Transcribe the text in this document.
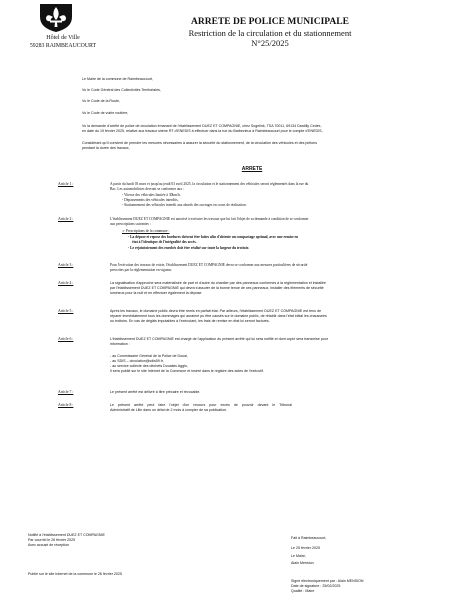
Hôtel de Ville
59283 RAIMBEAUCOURT
ARRETE DE POLICE MUNICIPALE
Restriction de la circulation et du stationnement
N°25/2025
Le Maire de la commune de Raimbeaucourt,
Vu le Code Général des Collectivités Territoriales,
Vu le Code de la Route,
Vu le Code de voirie routière,
Vu la demande d'arrêté de police de circulation émanant de l'établissement DUEZ ET COMPAGNIE, chez Sogelink, TSA 70011, 69134 Dardilly Cedex,
en date du 19 février 2025, relative aux travaux sirène RT d'ENEDIS à effectuer dans la rue du Barbezieux à Raimbeaucourt pour le compte d'ENEDIS,
Considérant qu'il convient de prendre les mesures nécessaires à assurer la sécurité du stationnement, de la circulation des véhicules et des piétons
pendant la durée des travaux,
ARRETE
Article 1 :	A partir du lundi 03 mars et jusqu'au jeudi 03 avril 2025, la circulation et le stationnement des véhicules seront réglementés dans la rue du
Bac. Les automobilistes devront se conformer aux :
- Vitesse des véhicules limitée à 30km/h,
- Dépassements des véhicules interdits,
- Stationnement des véhicules interdit aux abords des ouvrages en cours de réalisation.
Article 2 :	L'établissement DUEZ ET COMPAGNIE est autorisé à exécuter les travaux que ​lui fait l'objet de sa demande à condition de se conformer
aux prescriptions suivantes :
➢ Prescriptions de la commune :
- La dépose et repose des bordures doivent être faites afin d'obtenir un compactage optimal, avec une remise en
état à l'identique de l'intégralité des accès.
- Le rejointoiement des enrobés doit être réalisé sur toute la largeur du trottoir.
Article 3 :	Pour l'exécution des travaux de voirie, l'établissement DUEZ ET COMPAGNIE devra se conformer aux mesures particulières de sécurité
prescrites par la réglementation en vigueur.
Article 4 :	La signalisation d'approche sera matérialisée de part et d'autre du chantier par des panneaux conformes à la réglementation et installée
par l'établissement DUEZ ET COMPAGNIE qui devra s'assurer de la bonne tenue de ces panneaux, installer des éléments de sécurité
lumineux pour la nuit et en effectuer également la dépose.
Article 5 :	Après les travaux, le domaine public devra être remis en parfait état. Par ailleurs, l'établissement DUEZ ET COMPAGNIE est tenu de
réparer immédiatement tous les dommages qui auraient pu être causés sur le domaine public, de rétablir dans l'état initial les chaussées
ou trottoirs. En cas de dégâts imputables à l'exécutant, les frais de remise en état lui seront facturés.
Article 6 :	L'établissement DUEZ ET COMPAGNIE est chargé de l'application du présent arrêté qui lui sera notifié et dont copie sera transmise pour
information :
- au Commissaire Général de la Police de Douai,
- au SDIS – circulation@sdis59.fr,
- au service collecte des déchets Douaisis Agglo,
Il sera publié sur le site Internet de la Commune et inséré dans le registre des actes de l'exécutif.
Article 7 :	Le présent arrêté est délivré à titre précaire et révocable.
Article 8 :	Le    présent    arrêté    peut    faire    l'objet    d'un    recours    pour    excès    de    pouvoir    devant    le    Tribunal
Administratif de Lille dans un délai de 2 mois à compter de sa publication.
Notifié à l'établissement DUEZ ET COMPAGNIE
Par courriel le 26 février 2025
Avec accusé de réception
Fait à Raimbeaucourt,
Le 25 février 2025
Le Maire,
Alain Mension
Publié sur le site Internet de la commune le 26 février 2025
Signé électroniquement par : Alain MENSION
Date de signature : 25/02/2025
Qualité : Maire
